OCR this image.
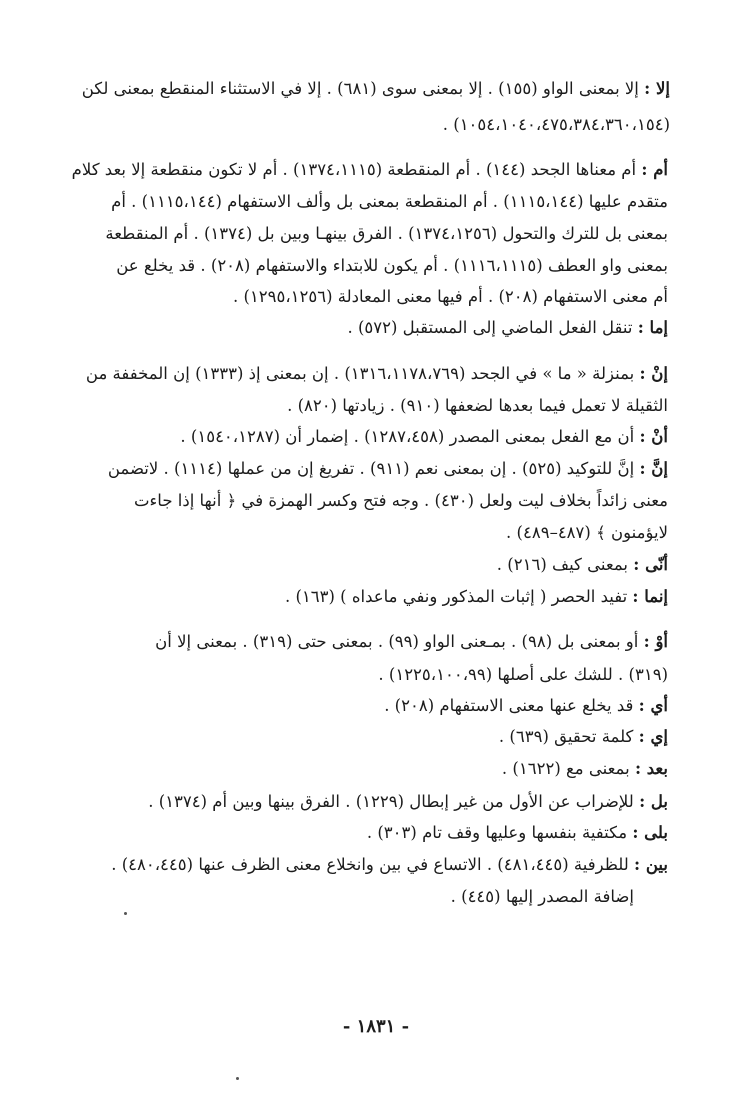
إلا : إلا بمعنى الواو (١٥٥) . إلا بمعنى سوى (٦٨١) . إلا في الاستثناء المنقطع بمعنى لكن
(١٠٥٤،١٠٤٠،٤٧٥،٣٨٤،٣٦٠،١٥٤) .
أم : أم معناها الجحد (١٤٤) . أم المنقطعة (١٣٧٤،١١١٥) . أم لا تكون منقطعة إلا بعد كلام
متقدم عليها (١١١٥،١٤٤) . أم المنقطعة بمعنى بل وألف الاستفهام (١١١٥،١٤٤) . أم
بمعنى بل للترك والتحول (١٣٧٤،١٢٥٦) . الفرق بينهـا وبين بل (١٣٧٤) . أم المنقطعة
بمعنى واو العطف (١١١٦،١١١٥) . أم يكون للابتداء والاستفهام (٢٠٨) . قد يخلع عن
أم معنى الاستفهام (٢٠٨) . أم فيها معنى المعادلة (١٢٩٥،١٢٥٦) .
إما : تنقل الفعل الماضي إلى المستقبل (٥٧٢) .
إنْ : بمنزلة « ما » في الجحد (١٣١٦،١١٧٨،٧٦٩) . إن بمعنى إذ (١٣٣٣) إن المخففة من
الثقيلة لا تعمل فيما بعدها لضعفها (٩١٠) . زيادتها (٨٢٠) .
أنْ : أن مع الفعل بمعنى المصدر (١٢٨٧،٤٥٨) . إضمار أن (١٥٤٠،١٢٨٧) .
إنَّ : إنَّ للتوكيد (٥٢٥) . إن بمعنى نعم (٩١١) . تفريغ إن من عملها (١١١٤) . لاتضمن
معنى زائداً بخلاف ليت ولعل (٤٣٠) . وجه فتح وكسر الهمزة في ﴿ أنها إذا جاءت
لايؤمنون ﴾ (٤٨٧–٤٨٩) .
أنّى : بمعنى كيف (٢١٦) .
إنما : تفيد الحصر ( إثبات المذكور ونفي ماعداه ) (١٦٣) .
أوْ : أو بمعنى بل (٩٨) . بمـعنى الواو (٩٩) . بمعنى حتى (٣١٩) . بمعنى إلا أن
(٣١٩) . للشك على أصلها (١٢٢٥،١٠٠،٩٩) .
أي : قد يخلع عنها معنى الاستفهام (٢٠٨) .
إي : كلمة تحقيق (٦٣٩) .
بعد : بمعنى مع (١٦٢٢) .
بل : للإضراب عن الأول من غير إبطال (١٢٢٩) . الفرق بينها وبين أم (١٣٧٤) .
بلى : مكتفية بنفسها وعليها وقف تام (٣٠٣) .
بين : للظرفية (٤٨١،٤٤٥) . الاتساع في بين وانخلاع معنى الظرف عنها (٤٨٠،٤٤٥) .
إضافة المصدر إليها (٤٤٥) .
- ١٨٣١ -
